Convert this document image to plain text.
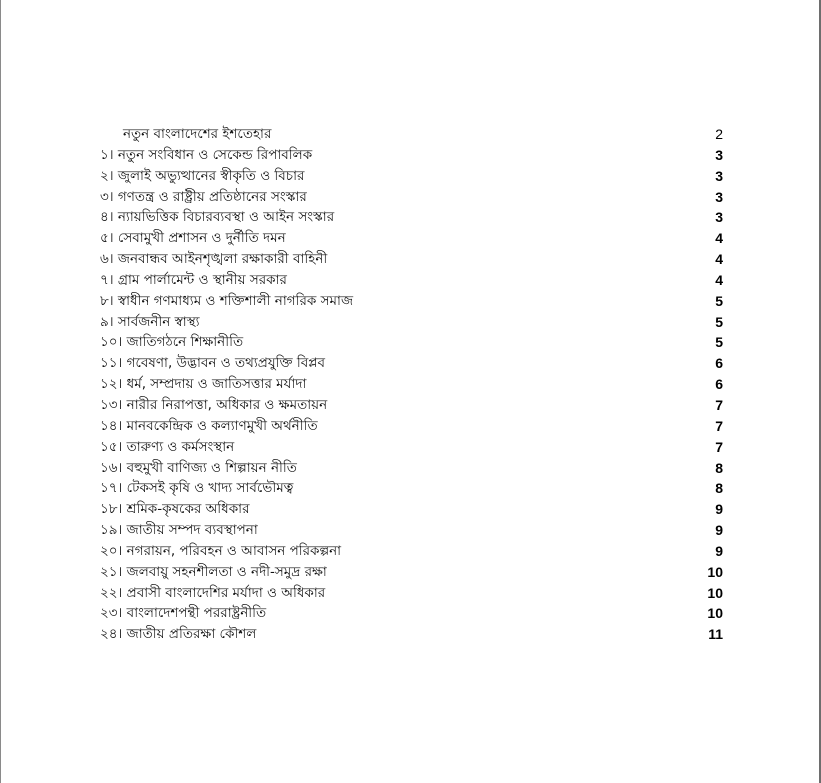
নতুন বাংলাদেশের ইশতেহার	2
১। নতুন সংবিধান ও সেকেন্ড রিপাবলিক	3
২। জুলাই অভ্যুত্থানের স্বীকৃতি ও বিচার	3
৩। গণতন্ত্র ও রাষ্ট্রীয় প্রতিষ্ঠানের সংস্কার	3
৪। ন্যায়ভিত্তিক বিচারব্যবস্থা ও আইন সংস্কার	3
৫। সেবামুখী প্রশাসন ও দুর্নীতি দমন	4
৬। জনবান্ধব আইনশৃঙ্খলা রক্ষাকারী বাহিনী	4
৭। গ্রাম পার্লামেন্ট ও স্থানীয় সরকার	4
৮। স্বাধীন গণমাধ্যম ও শক্তিশালী নাগরিক সমাজ	5
৯। সার্বজনীন স্বাস্থ্য	5
১০। জাতিগঠনে শিক্ষানীতি	5
১১। গবেষণা, উদ্ভাবন ও তথ্যপ্রযুক্তি বিপ্লব	6
১২। ধর্ম, সম্প্রদায় ও জাতিসত্তার মর্যাদা	6
১৩। নারীর নিরাপত্তা, অধিকার ও ক্ষমতায়ন	7
১৪। মানবকেন্দ্রিক ও কল্যাণমুখী অর্থনীতি	7
১৫। তারুণ্য ও কর্মসংস্থান	7
১৬। বহুমুখী বাণিজ্য ও শিল্পায়ন নীতি	8
১৭। টেকসই কৃষি ও খাদ্য সার্বভৌমত্ব	8
১৮। শ্রমিক-কৃষকের অধিকার	9
১৯। জাতীয় সম্পদ ব্যবস্থাপনা	9
২০। নগরায়ন, পরিবহন ও আবাসন পরিকল্পনা	9
২১। জলবায়ু সহনশীলতা ও নদী-সমুদ্র রক্ষা	10
২২। প্রবাসী বাংলাদেশির মর্যাদা ও অধিকার	10
২৩। বাংলাদেশপন্থী পররাষ্ট্রনীতি	10
২৪। জাতীয় প্রতিরক্ষা কৌশল	11
